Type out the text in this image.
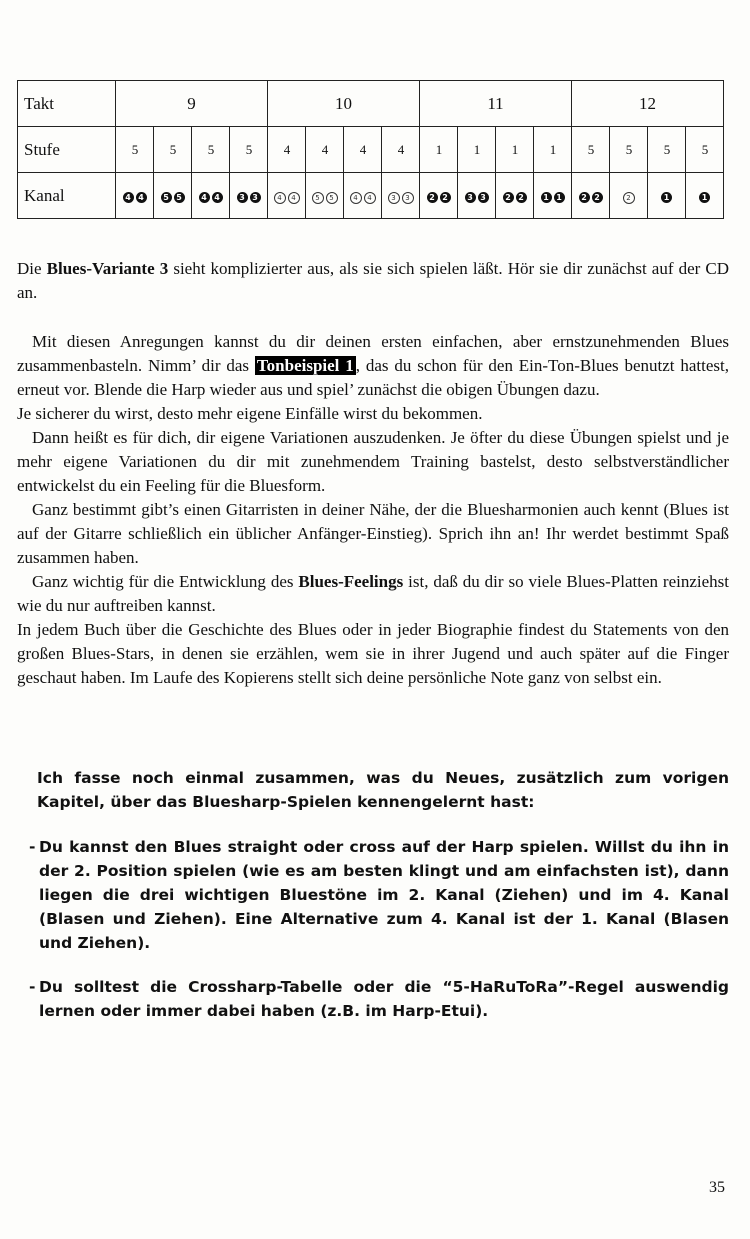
Takt	9				10				11				12			
Stufe	5	5	5	5	4	4	4	4	1	1	1	1	5	5	5	5
Kanal	4 4	5 5	4 4	3 3	4 4	5 5	4 4	3 3	2 2	3 3	2 2	1 1	2 2	2	1	1

Die Blues-Variante 3 sieht komplizierter aus, als sie sich spielen läßt. Hör sie dir zunächst auf der CD an.

Mit diesen Anregungen kannst du dir deinen ersten einfachen, aber ernstzunehmenden Blues zusammenbasteln. Nimm’ dir das Tonbeispiel 1 , das du schon für den Ein-Ton-Blues benutzt hattest, erneut vor. Blende die Harp wieder aus und spiel’ zunächst die obigen Übungen dazu.

Je sicherer du wirst, desto mehr eigene Einfälle wirst du bekommen.

Dann heißt es für dich, dir eigene Variationen auszudenken. Je öfter du diese Übungen spielst und je mehr eigene Variationen du dir mit zunehmendem Training bastelst, desto selbstverständlicher entwickelst du ein Feeling für die Bluesform.

Ganz bestimmt gibt’s einen Gitarristen in deiner Nähe, der die Bluesharmonien auch kennt (Blues ist auf der Gitarre schließlich ein üblicher Anfänger-Einstieg). Sprich ihn an! Ihr werdet bestimmt Spaß zusammen haben.

Ganz wichtig für die Entwicklung des Blues-Feelings ist, daß du dir so viele Blues-Platten reinziehst wie du nur auftreiben kannst.

In jedem Buch über die Geschichte des Blues oder in jeder Biographie findest du Statements von den großen Blues-Stars, in denen sie erzählen, wem sie in ihrer Jugend und auch später auf die Finger geschaut haben. Im Laufe des Kopierens stellt sich deine persönliche Note ganz von selbst ein.

Ich fasse noch einmal zusammen, was du Neues, zusätzlich zum vorigen Kapitel, über das Bluesharp-Spielen kennengelernt hast:
- Du kannst den Blues straight oder cross auf der Harp spielen. Willst du ihn in der 2. Position spielen (wie es am besten klingt und am einfachsten ist), dann liegen die drei wichtigen Bluestöne im 2. Kanal (Ziehen) und im 4. Kanal (Blasen und Ziehen). Eine Alternative zum 4. Kanal ist der 1. Kanal (Blasen und Ziehen).
- Du solltest die Crossharp-Tabelle oder die “5-HaRuToRa”-Regel auswendig lernen oder immer dabei haben (z.B. im Harp-Etui).
35
